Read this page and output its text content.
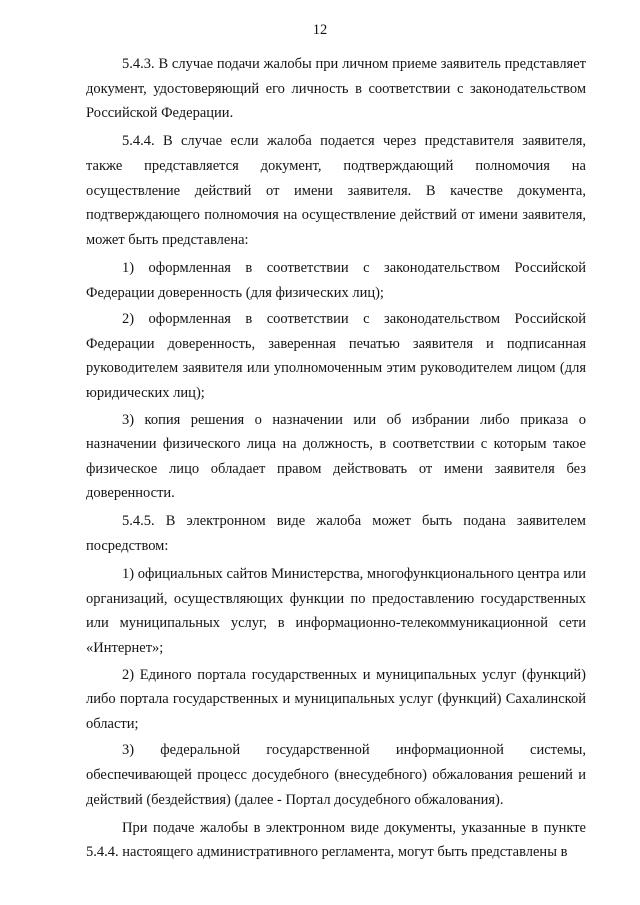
12

5.4.3. В случае подачи жалобы при личном приеме заявитель представляет документ, удостоверяющий его личность в соответствии с законодательством Российской Федерации.

5.4.4. В случае если жалоба подается через представителя заявителя, также представляется документ, подтверждающий полномочия на осуществление действий от имени заявителя. В качестве документа, подтверждающего полномочия на осуществление действий от имени заявителя, может быть представлена:

1) оформленная в соответствии с законодательством Российской Федерации доверенность (для физических лиц);

2) оформленная в соответствии с законодательством Российской Федерации доверенность, заверенная печатью заявителя и подписанная руководителем заявителя или уполномоченным этим руководителем лицом (для юридических лиц);

3) копия решения о назначении или об избрании либо приказа о назначении физического лица на должность, в соответствии с которым такое физическое лицо обладает правом действовать от имени заявителя без доверенности.

5.4.5. В электронном виде жалоба может быть подана заявителем посредством:

1) официальных сайтов Министерства, многофункционального центра или организаций, осуществляющих функции по предоставлению государственных или муниципальных услуг, в информационно-телекоммуникационной сети «Интернет»;

2) Единого портала государственных и муниципальных услуг (функций) либо портала государственных и муниципальных услуг (функций) Сахалинской области;

3) федеральной государственной информационной системы, обеспечивающей процесс досудебного (внесудебного) обжалования решений и действий (бездействия) (далее - Портал досудебного обжалования).

При подаче жалобы в электронном виде документы, указанные в пункте 5.4.4. настоящего административного регламента, могут быть представлены в
